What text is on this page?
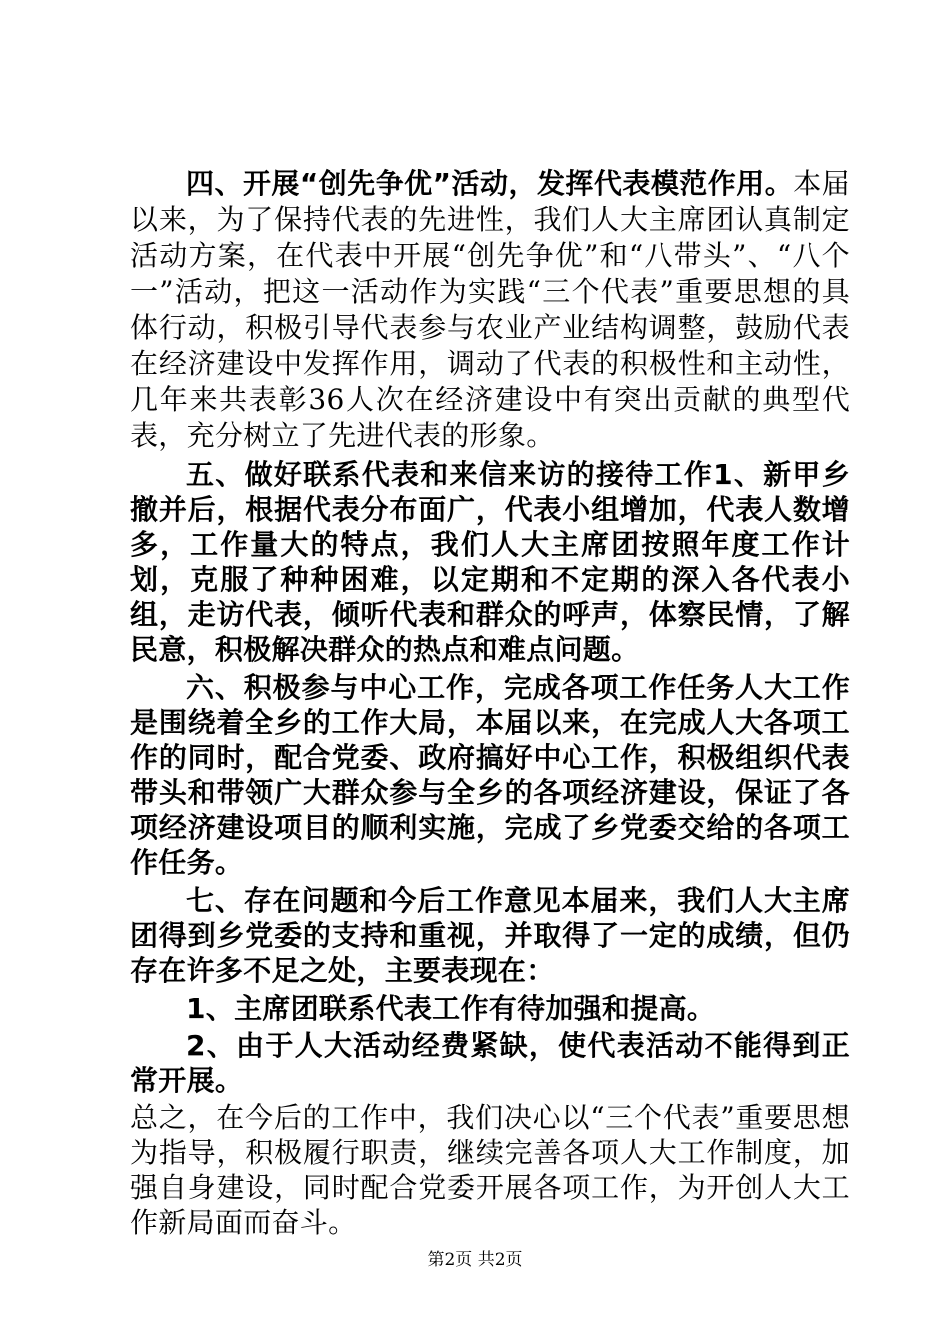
四、开展“创先争优”活动，发挥代表模范作用。本届以来，为了保持代表的先进性，我们人大主席团认真制定活动方案，在代表中开展“创先争优”和“八带头”、“八个一”活动，把这一活动作为实践“三个代表”重要思想的具体行动，积极引导代表参与农业产业结构调整，鼓励代表在经济建设中发挥作用，调动了代表的积极性和主动性，几年来共表彰36人次在经济建设中有突出贡献的典型代表，充分树立了先进代表的形象。

五、做好联系代表和来信来访的接待工作1、新甲乡撤并后，根据代表分布面广，代表小组增加，代表人数增多，工作量大的特点，我们人大主席团按照年度工作计划，克服了种种困难，以定期和不定期的深入各代表小组，走访代表，倾听代表和群众的呼声，体察民情，了解民意，积极解决群众的热点和难点问题。

六、积极参与中心工作，完成各项工作任务人大工作是围绕着全乡的工作大局，本届以来，在完成人大各项工作的同时，配合党委、政府搞好中心工作，积极组织代表带头和带领广大群众参与全乡的各项经济建设，保证了各项经济建设项目的顺利实施，完成了乡党委交给的各项工作任务。

七、存在问题和今后工作意见本届来，我们人大主席团得到乡党委的支持和重视，并取得了一定的成绩，但仍存在许多不足之处，主要表现在：

1、主席团联系代表工作有待加强和提高。

2、由于人大活动经费紧缺，使代表活动不能得到正常开展。

总之，在今后的工作中，我们决心以“三个代表”重要思想为指导，积极履行职责，继续完善各项人大工作制度，加强自身建设，同时配合党委开展各项工作，为开创人大工作新局面而奋斗。

第2页 共2页
